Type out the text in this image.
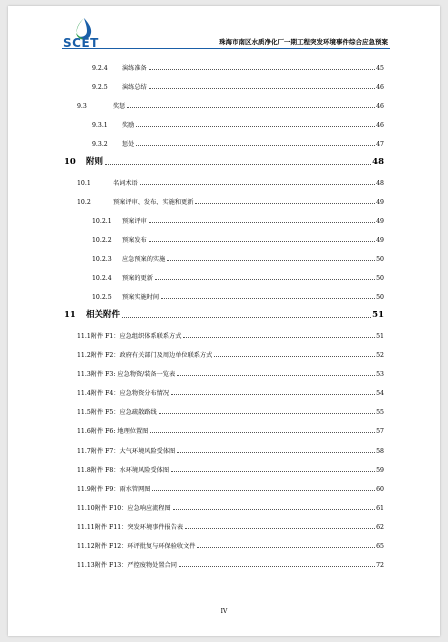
SCET	珠海市南区水质净化厂一期工程突发环境事件综合应急预案
9.2.4	演练准备	45
9.2.5	演练总结	46
9.3	奖惩	46
9.3.1	奖励	46
9.3.2	惩处	47
10	附则	48
10.1	名词术语	48
10.2	预案评审、发布、实施和更新	49
10.2.1	预案评审	49
10.2.2	预案发布	49
10.2.3	应急预案的实施	50
10.2.4	预案的更新	50
10.2.5	预案实施时间	50
11	相关附件	51
11.1 附件 F1：应急组织体系联系方式	51
11.2 附件 F2：政府有关部门及周边单位联系方式	52
11.3 附件 F3: 应急物资/装备一览表	53
11.4 附件 F4：应急物资分布情况	54
11.5 附件 F5：应急疏散路线	55
11.6 附件 F6: 地理位置图	57
11.7 附件 F7：大气环境风险受体图	58
11.8 附件 F8：水环境风险受体图	59
11.9 附件 F9：雨水管网图	60
11.10 附件 F10：应急响应流程图	61
11.11 附件 F11：突发环境事件报告表	62
11.12 附件 F12：环评批复与环保验收文件	65
11.13 附件 F13：严控废物处置合同	72
IV
